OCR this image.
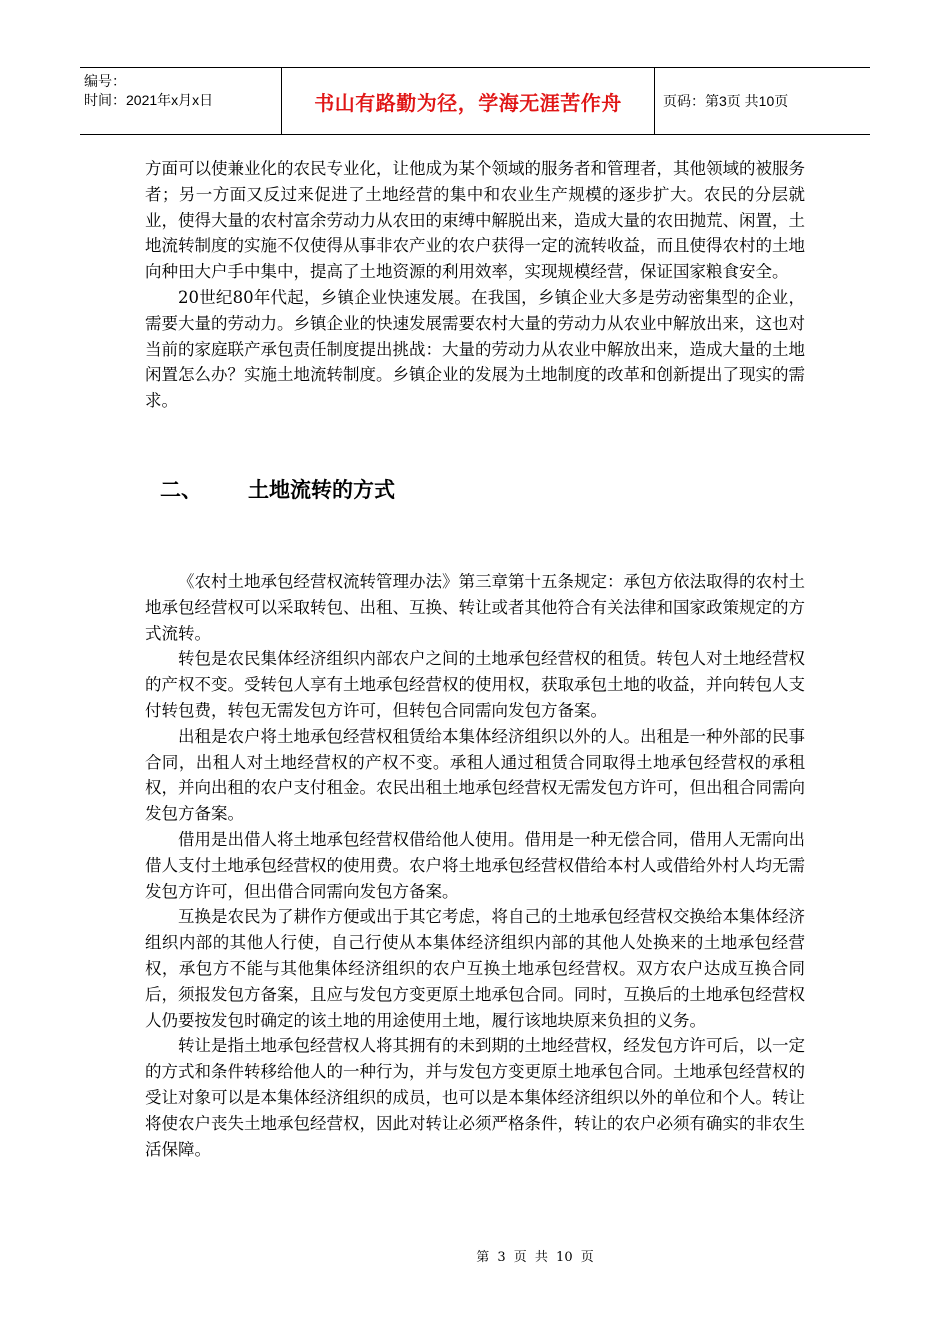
编号：
时间：2021年x月x日	书山有路勤为径，学海无涯苦作舟	页码：第3页 共10页

方面可以使兼业化的农民专业化，让他成为某个领域的服务者和管理者，其他领域的被服务者；另一方面又反过来促进了土地经营的集中和农业生产规模的逐步扩大。农民的分层就业，使得大量的农村富余劳动力从农田的束缚中解脱出来，造成大量的农田抛荒、闲置，土地流转制度的实施不仅使得从事非农产业的农户获得一定的流转收益，而且使得农村的土地向种田大户手中集中，提高了土地资源的利用效率，实现规模经营，保证国家粮食安全。

20世纪80年代起，乡镇企业快速发展。在我国，乡镇企业大多是劳动密集型的企业，需要大量的劳动力。乡镇企业的快速发展需要农村大量的劳动力从农业中解放出来，这也对当前的家庭联产承包责任制度提出挑战：大量的劳动力从农业中解放出来，造成大量的土地闲置怎么办？实施土地流转制度。乡镇企业的发展为土地制度的改革和创新提出了现实的需求。

二、 土地流转的方式

《农村土地承包经营权流转管理办法》第三章第十五条规定：承包方依法取得的农村土地承包经营权可以采取转包、出租、互换、转让或者其他符合有关法律和国家政策规定的方式流转。

转包是农民集体经济组织内部农户之间的土地承包经营权的租赁。转包人对土地经营权的产权不变。受转包人享有土地承包经营权的使用权，获取承包土地的收益，并向转包人支付转包费，转包无需发包方许可，但转包合同需向发包方备案。

出租是农户将土地承包经营权租赁给本集体经济组织以外的人。出租是一种外部的民事合同，出租人对土地经营权的产权不变。承租人通过租赁合同取得土地承包经营权的承租权，并向出租的农户支付租金。农民出租土地承包经营权无需发包方许可，但出租合同需向发包方备案。

借用是出借人将土地承包经营权借给他人使用。借用是一种无偿合同，借用人无需向出借人支付土地承包经营权的使用费。农户将土地承包经营权借给本村人或借给外村人均无需发包方许可，但出借合同需向发包方备案。

互换是农民为了耕作方便或出于其它考虑，将自己的土地承包经营权交换给本集体经济组织内部的其他人行使，自己行使从本集体经济组织内部的其他人处换来的土地承包经营权，承包方不能与其他集体经济组织的农户互换土地承包经营权。双方农户达成互换合同后，须报发包方备案，且应与发包方变更原土地承包合同。同时，互换后的土地承包经营权人仍要按发包时确定的该土地的用途使用土地，履行该地块原来负担的义务。

转让是指土地承包经营权人将其拥有的未到期的土地经营权，经发包方许可后，以一定的方式和条件转移给他人的一种行为，并与发包方变更原土地承包合同。土地承包经营权的受让对象可以是本集体经济组织的成员，也可以是本集体经济组织以外的单位和个人。转让将使农户丧失土地承包经营权，因此对转让必须严格条件，转让的农户必须有确实的非农生活保障。

第 3 页 共 10 页
